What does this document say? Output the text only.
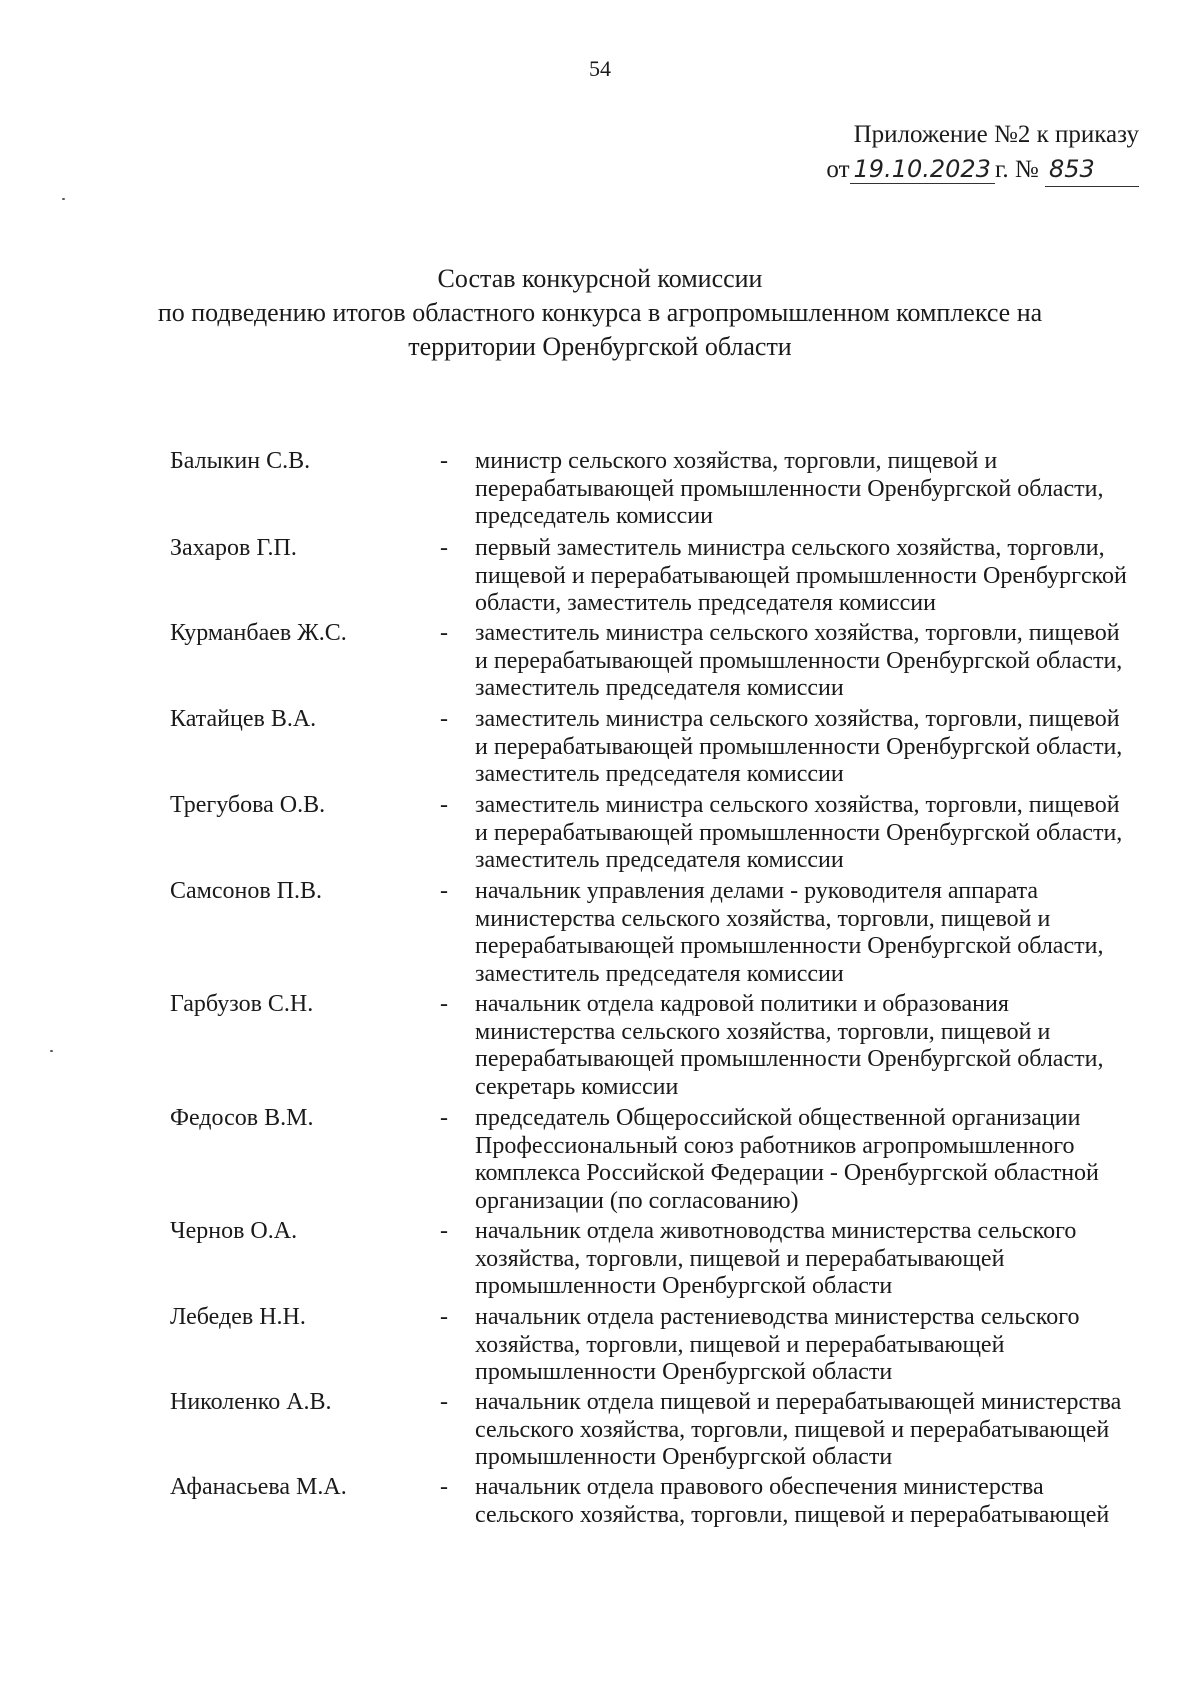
54
Приложение №2 к приказу
от 19.10.2023 г. № 853
Состав конкурсной комиссии
по подведению итогов областного конкурса в агропромышленном комплексе на
территории Оренбургской области
Балыкин С.В.	- министр сельского хозяйства, торговли, пищевой и
перерабатывающей промышленности Оренбургской области,
председатель комиссии
Захаров Г.П.	- первый заместитель министра сельского хозяйства, торговли,
пищевой и перерабатывающей промышленности Оренбургской
области, заместитель председателя комиссии
Курманбаев Ж.С.	- заместитель министра сельского хозяйства, торговли, пищевой
и перерабатывающей промышленности Оренбургской области,
заместитель председателя комиссии
Катайцев В.А.	- заместитель министра сельского хозяйства, торговли, пищевой
и перерабатывающей промышленности Оренбургской области,
заместитель председателя комиссии
Трегубова О.В.	- заместитель министра сельского хозяйства, торговли, пищевой
и перерабатывающей промышленности Оренбургской области,
заместитель председателя комиссии
Самсонов П.В.	- начальник управления делами - руководителя аппарата
министерства сельского хозяйства, торговли, пищевой и
перерабатывающей промышленности Оренбургской области,
заместитель председателя комиссии
Гарбузов С.Н.	- начальник отдела кадровой политики и образования
министерства сельского хозяйства, торговли, пищевой и
перерабатывающей промышленности Оренбургской области,
секретарь комиссии
Федосов В.М.	- председатель Общероссийской общественной организации
Профессиональный союз работников агропромышленного
комплекса Российской Федерации - Оренбургской областной
организации (по согласованию)
Чернов О.А.	- начальник отдела животноводства министерства сельского
хозяйства, торговли, пищевой и перерабатывающей
промышленности Оренбургской области
Лебедев Н.Н.	- начальник отдела растениеводства министерства сельского
хозяйства, торговли, пищевой и перерабатывающей
промышленности Оренбургской области
Николенко А.В.	- начальник отдела пищевой и перерабатывающей министерства
сельского хозяйства, торговли, пищевой и перерабатывающей
промышленности Оренбургской области
Афанасьева М.А.	- начальник отдела правового обеспечения министерства
сельского хозяйства, торговли, пищевой и перерабатывающей
